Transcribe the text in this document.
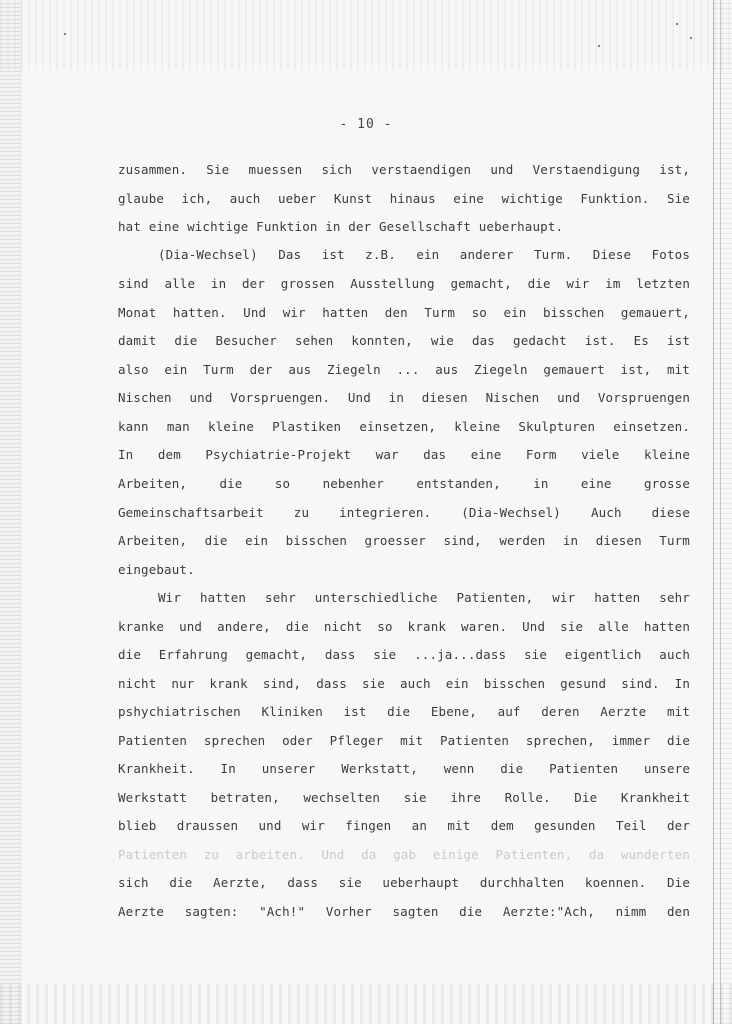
- 10 -
zusammen. Sie muessen sich verstaendigen und Verstaendigung ist,
glaube ich, auch ueber Kunst hinaus eine wichtige Funktion. Sie
hat eine wichtige Funktion in der Gesellschaft ueberhaupt.
(Dia-Wechsel) Das ist z.B. ein anderer Turm. Diese Fotos
sind alle in der grossen Ausstellung gemacht, die wir im letzten
Monat hatten. Und wir hatten den Turm so ein bisschen gemauert,
damit die Besucher sehen konnten, wie das gedacht ist. Es ist
also ein Turm der aus Ziegeln ... aus Ziegeln gemauert ist, mit
Nischen und Vorspruengen. Und in diesen Nischen und Vorspruengen
kann man kleine Plastiken einsetzen, kleine Skulpturen einsetzen.
In dem Psychiatrie-Projekt war das eine Form viele kleine
Arbeiten, die so nebenher entstanden, in eine grosse
Gemeinschaftsarbeit zu integrieren. (Dia-Wechsel) Auch diese
Arbeiten, die ein bisschen groesser sind, werden in diesen Turm
eingebaut.
Wir hatten sehr unterschiedliche Patienten, wir hatten sehr
kranke und andere, die nicht so krank waren. Und sie alle hatten
die Erfahrung gemacht, dass sie ...ja...dass sie eigentlich auch
nicht nur krank sind, dass sie auch ein bisschen gesund sind. In
pshychiatrischen Kliniken ist die Ebene, auf deren Aerzte mit
Patienten sprechen oder Pfleger mit Patienten sprechen, immer die
Krankheit. In unserer Werkstatt, wenn die Patienten unsere
Werkstatt betraten, wechselten sie ihre Rolle. Die Krankheit
blieb draussen und wir fingen an mit dem gesunden Teil der
Patienten zu arbeiten. Und da gab einige Patienten, da wunderten
sich die Aerzte, dass sie ueberhaupt durchhalten koennen. Die
Aerzte sagten: "Ach!" Vorher sagten die Aerzte:"Ach, nimm den
